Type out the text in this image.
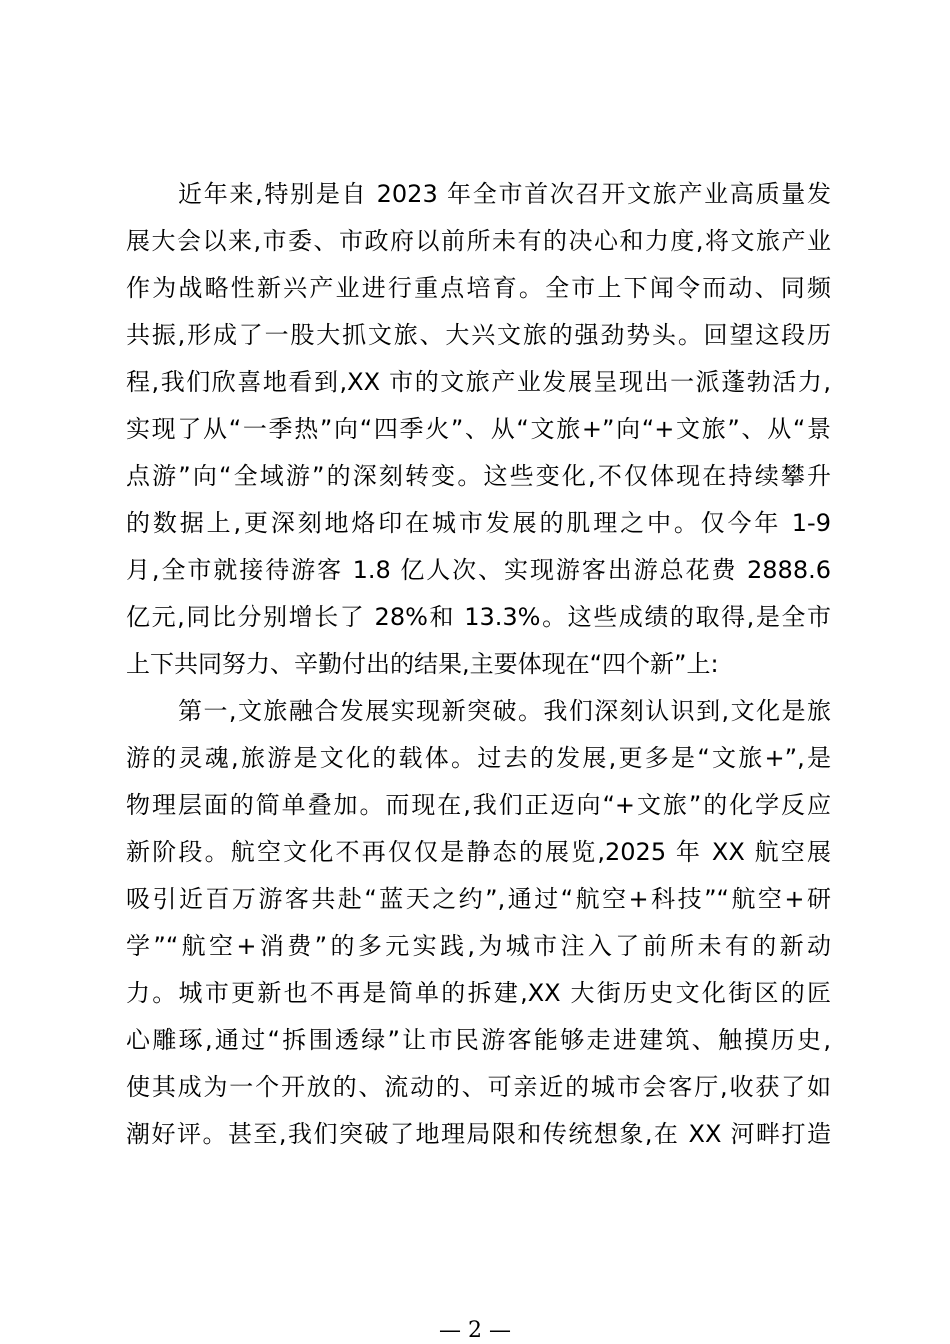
近年来,特别是自 2023 年全市首次召开文旅产业高质量发
展大会以来,市委、市政府以前所未有的决心和力度,将文旅产业
作为战略性新兴产业进行重点培育。全市上下闻令而动、同频
共振,形成了一股大抓文旅、大兴文旅的强劲势头。回望这段历
程,我们欣喜地看到,XX 市的文旅产业发展呈现出一派蓬勃活力,
实现了从“一季热”向“四季火”、从“文旅+”向“+文旅”、从“景
点游”向“全域游”的深刻转变。这些变化,不仅体现在持续攀升
的数据上,更深刻地烙印在城市发展的肌理之中。仅今年 1-9
月,全市就接待游客 1.8 亿人次、实现游客出游总花费 2888.6
亿元,同比分别增长了 28%和 13.3%。这些成绩的取得,是全市
上下共同努力、辛勤付出的结果,主要体现在“四个新”上:
第一,文旅融合发展实现新突破。我们深刻认识到,文化是旅
游的灵魂,旅游是文化的载体。过去的发展,更多是“文旅+”,是
物理层面的简单叠加。而现在,我们正迈向“+文旅”的化学反应
新阶段。航空文化不再仅仅是静态的展览,2025 年 XX 航空展
吸引近百万游客共赴“蓝天之约”,通过“航空+科技”“航空+研
学”“航空+消费”的多元实践,为城市注入了前所未有的新动
力。城市更新也不再是简单的拆建,XX 大街历史文化街区的匠
心雕琢,通过“拆围透绿”让市民游客能够走进建筑、触摸历史,
使其成为一个开放的、流动的、可亲近的城市会客厅,收获了如
潮好评。甚至,我们突破了地理局限和传统想象,在 XX 河畔打造
— 2 —
